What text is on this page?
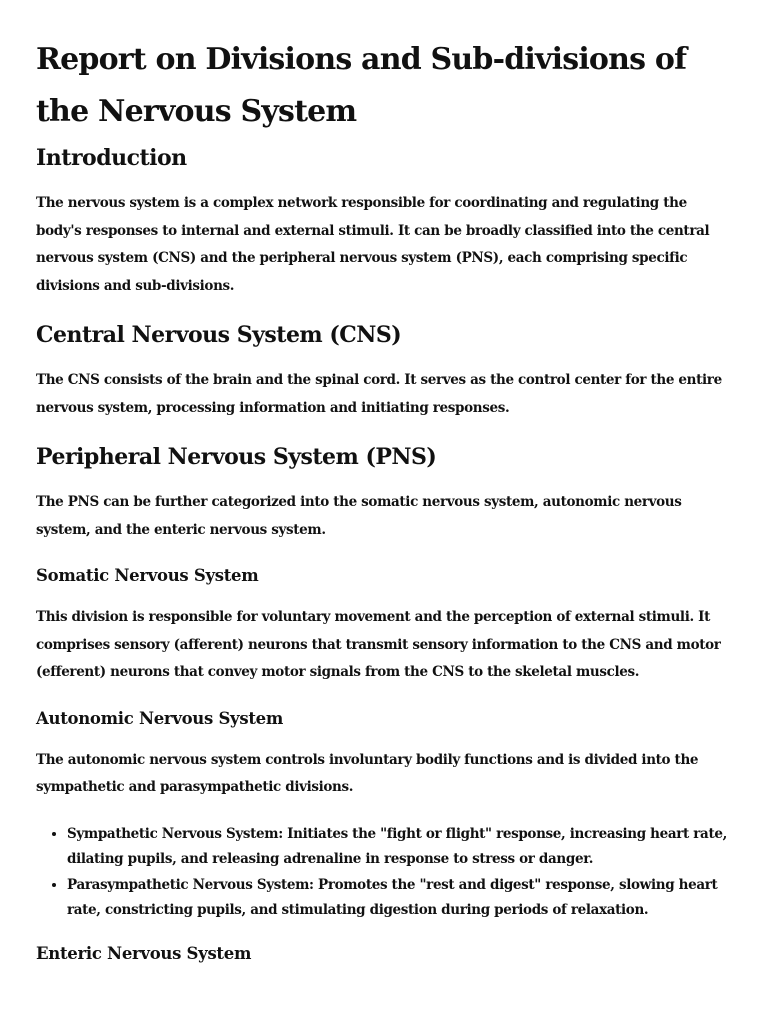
Report on Divisions and Sub-divisions of the Nervous System
Introduction

The nervous system is a complex network responsible for coordinating and regulating the body's responses to internal and external stimuli. It can be broadly classified into the central nervous system (CNS) and the peripheral nervous system (PNS), each comprising specific divisions and sub-divisions.

Central Nervous System (CNS)

The CNS consists of the brain and the spinal cord. It serves as the control center for the entire nervous system, processing information and initiating responses.

Peripheral Nervous System (PNS)

The PNS can be further categorized into the somatic nervous system, autonomic nervous system, and the enteric nervous system.

Somatic Nervous System

This division is responsible for voluntary movement and the perception of external stimuli. It comprises sensory (afferent) neurons that transmit sensory information to the CNS and motor (efferent) neurons that convey motor signals from the CNS to the skeletal muscles.

Autonomic Nervous System

The autonomic nervous system controls involuntary bodily functions and is divided into the sympathetic and parasympathetic divisions.

• Sympathetic Nervous System: Initiates the "fight or flight" response, increasing heart rate, dilating pupils, and releasing adrenaline in response to stress or danger.
• Parasympathetic Nervous System: Promotes the "rest and digest" response, slowing heart rate, constricting pupils, and stimulating digestion during periods of relaxation.
Enteric Nervous System
